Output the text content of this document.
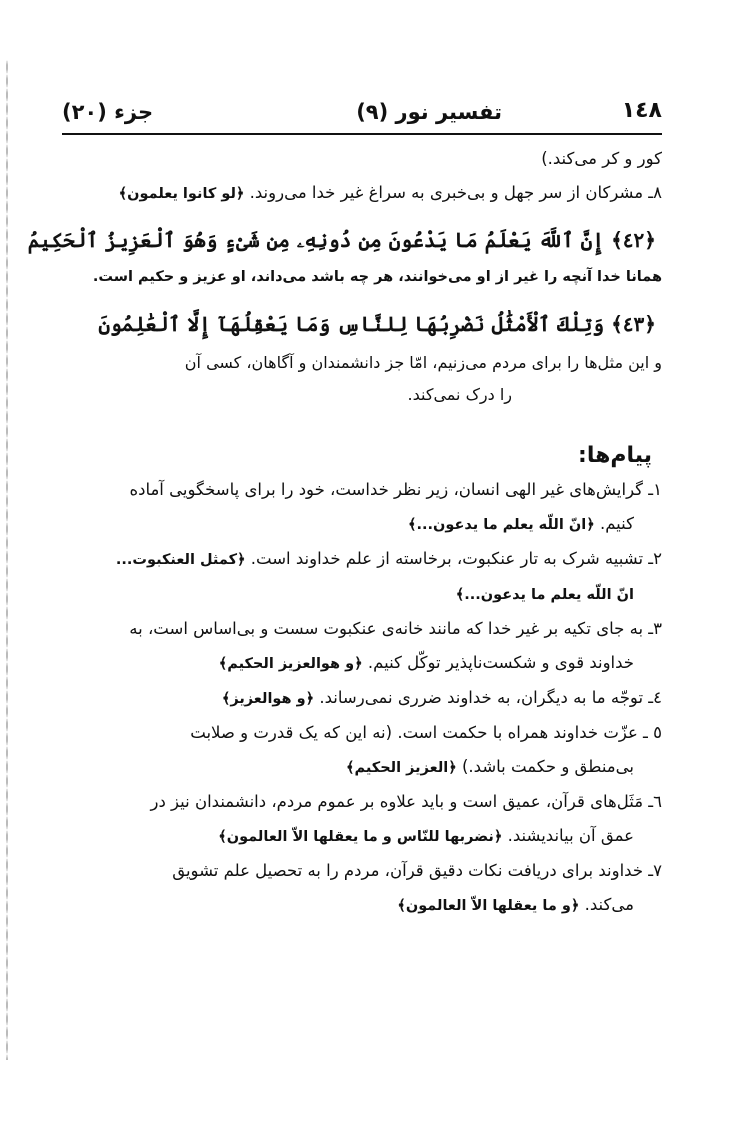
١٤٨
تفسیر نور (٩)
جزء (٢٠)
کور و کر می‌کند.)
٨ـ مشرکان از سر جهل و بی‌خبری به سراغ غیر خدا می‌روند. ﴿لو کانوا یعلمون﴾
﴿٤٢﴾ إِنَّ ٱللَّهَ يَعْلَمُ مَا يَدْعُونَ مِن دُونِهِۦ مِن شَىْءٍ وَهُوَ ٱلْعَزِيزُ ٱلْحَكِيمُ
همانا خدا آنچه را غیر از او می‌خوانند، هر چه باشد می‌داند، او عزیز و حکیم است.
﴿٤٣﴾ وَتِلْكَ ٱلْأَمْثَٰلُ نَضْرِبُهَا لِلنَّاسِ وَمَا يَعْقِلُهَآ إِلَّا ٱلْعَٰلِمُونَ
و این مثل‌ها را برای مردم می‌زنیم، امّا جز دانشمندان و آگاهان، کسی آن
را درک نمی‌کند.
پیام‌ها:
١ـ گرایش‌های غیر الهی انسان، زیر نظر خداست، خود را برای پاسخگویی آماده
کنیم. ﴿انّ اللّه یعلم ما یدعون...﴾
٢ـ تشبیه شرک به تار عنکبوت، برخاسته از علم خداوند است. ﴿کمثل العنکبوت...
انّ اللّه یعلم ما یدعون...﴾
٣ـ به جای تکیه بر غیر خدا که مانند خانه‌ی عنکبوت سست و بی‌اساس است، به
خداوند قوی و شکست‌ناپذیر توکّل کنیم. ﴿و هوالعزیز الحکیم﴾
٤ـ توجّه ما به دیگران، به خداوند ضرری نمی‌رساند. ﴿و هوالعزیز﴾
٥ ـ عزّت خداوند همراه با حکمت است. (نه این که یک قدرت و صلابت
بی‌منطق و حکمت باشد.) ﴿العزیز الحکیم﴾
٦ـ مَثَل‌های قرآن، عمیق است و باید علاوه بر عموم مردم، دانشمندان نیز در
عمق آن بیاندیشند. ﴿نضربها للنّاس و ما یعقلها الاّ العالمون﴾
٧ـ خداوند برای دریافت نکات دقیق قرآن، مردم را به تحصیل علم تشویق
می‌کند. ﴿و ما یعقلها الاّ العالمون﴾
